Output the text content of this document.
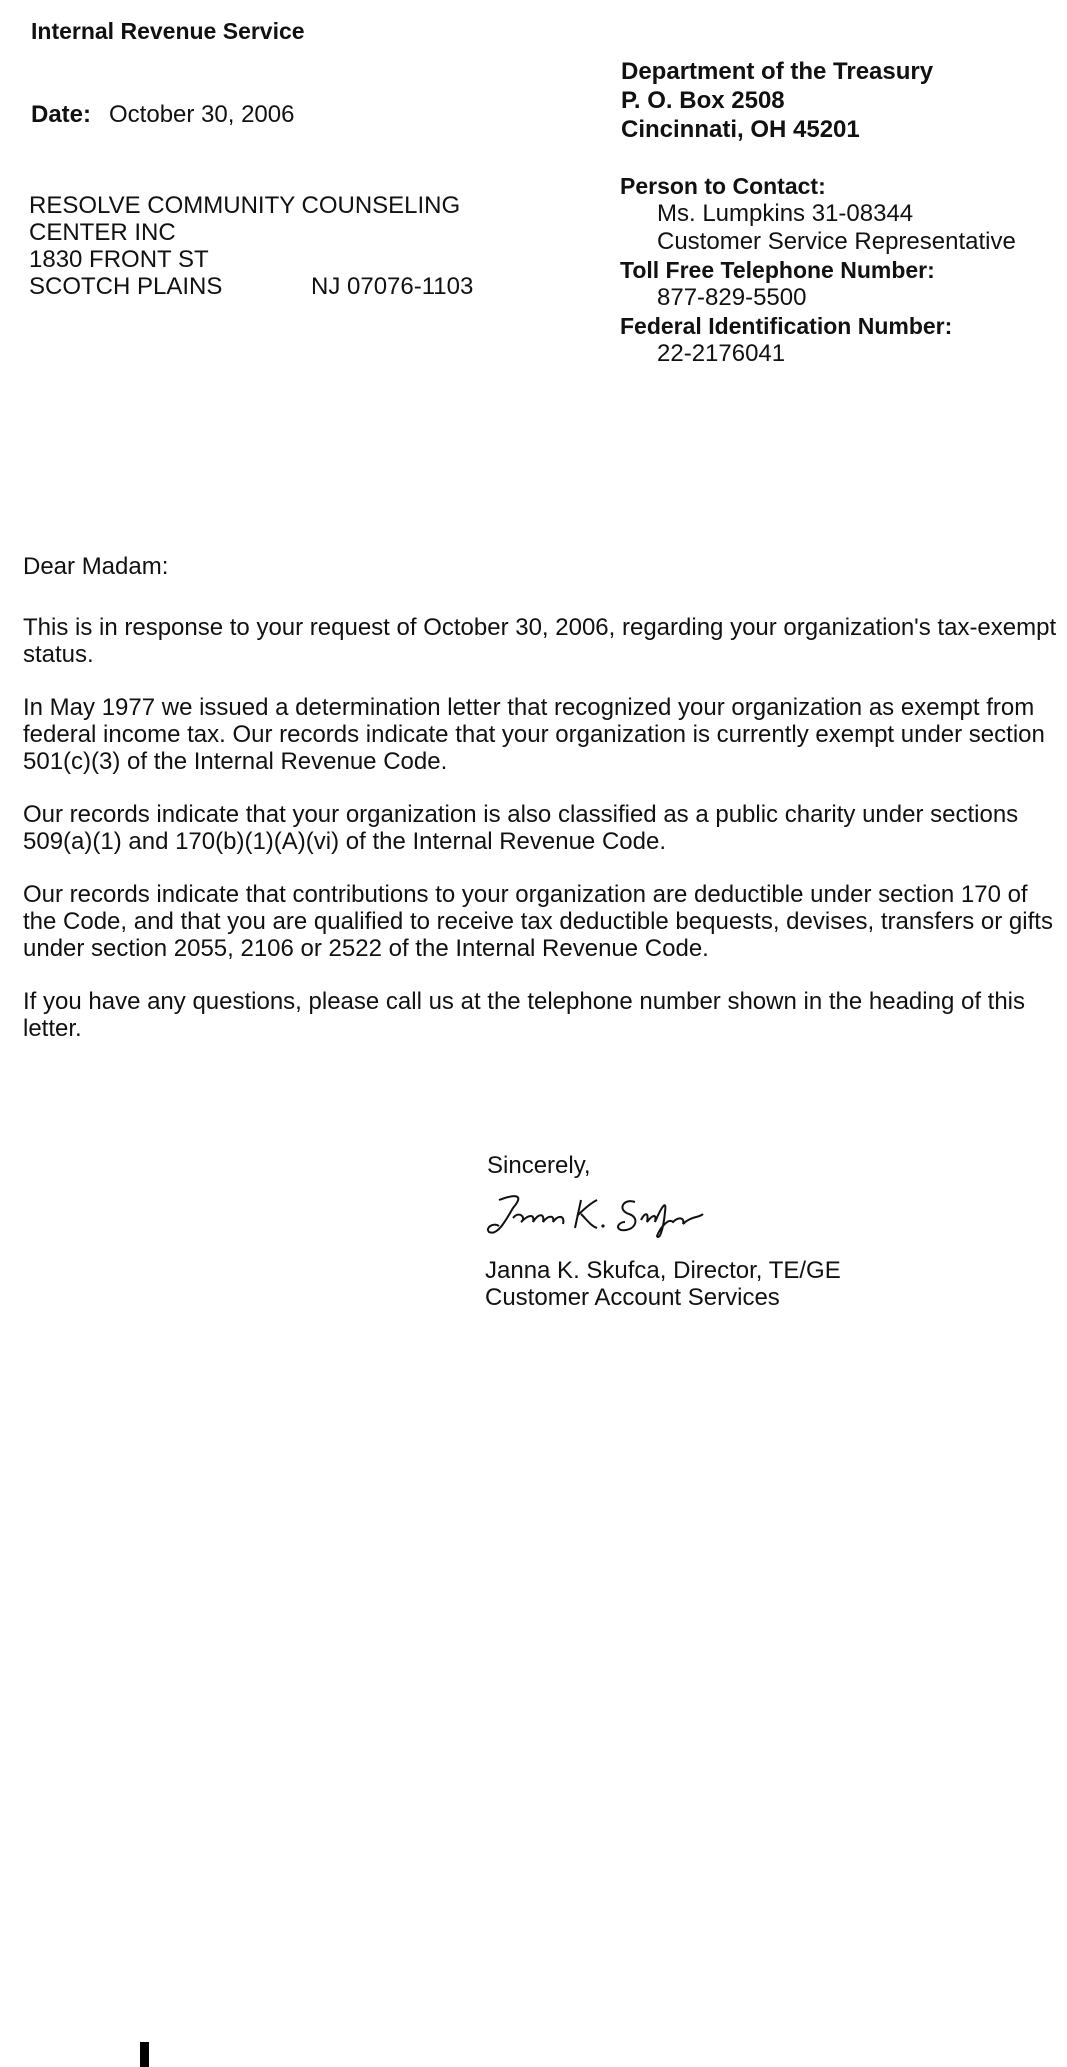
Internal Revenue Service
Date: October 30, 2006
Department of the Treasury
P. O. Box 2508
Cincinnati, OH 45201
RESOLVE COMMUNITY COUNSELING
CENTER INC
1830 FRONT ST
SCOTCH PLAINS	NJ 07076-1103
Person to Contact:
Ms. Lumpkins 31-08344
Customer Service Representative
Toll Free Telephone Number:
877-829-5500
Federal Identification Number:
22-2176041

Dear Madam:

This is in response to your request of October 30, 2006, regarding your organization's tax-exempt status.

In May 1977 we issued a determination letter that recognized your organization as exempt from federal income tax. Our records indicate that your organization is currently exempt under section 501(c)(3) of the Internal Revenue Code.

Our records indicate that your organization is also classified as a public charity under sections 509(a)(1) and 170(b)(1)(A)(vi) of the Internal Revenue Code.

Our records indicate that contributions to your organization are deductible under section 170 of the Code, and that you are qualified to receive tax deductible bequests, devises, transfers or gifts under section 2055, 2106 or 2522 of the Internal Revenue Code.

If you have any questions, please call us at the telephone number shown in the heading of this letter.

Sincerely,
Janna K. Skufca, Director, TE/GE
Customer Account Services
